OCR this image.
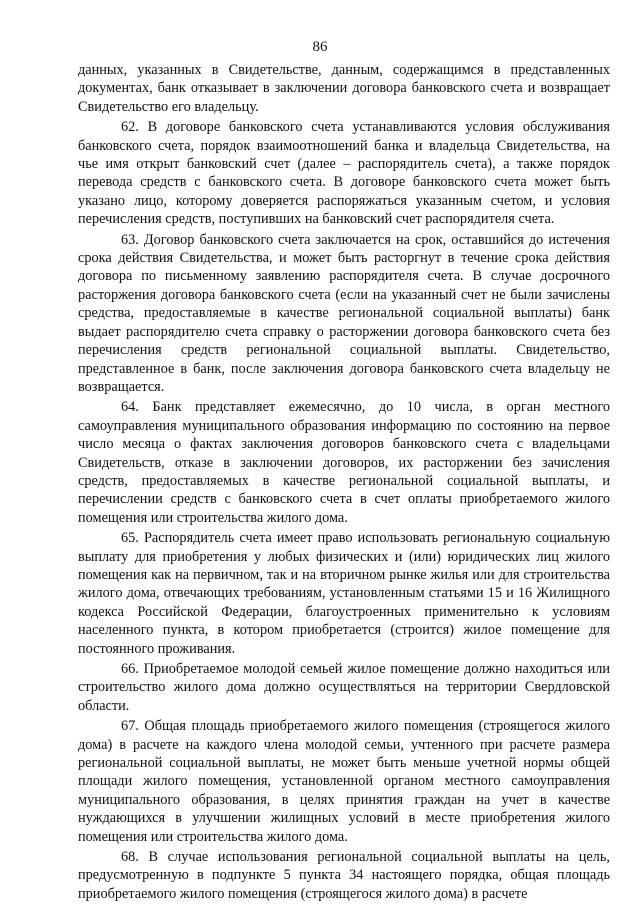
86

данных, указанных в Свидетельстве, данным, содержащимся в представленных документах, банк отказывает в заключении договора банковского счета и возвращает Свидетельство его владельцу.

62. В договоре банковского счета устанавливаются условия обслуживания банковского счета, порядок взаимоотношений банка и владельца Свидетельства, на чье имя открыт банковский счет (далее – распорядитель счета), а также порядок перевода средств с банковского счета. В договоре банковского счета может быть указано лицо, которому доверяется распоряжаться указанным счетом, и условия перечисления средств, поступивших на банковский счет распорядителя счета.

63. Договор банковского счета заключается на срок, оставшийся до истечения срока действия Свидетельства, и может быть расторгнут в течение срока действия договора по письменному заявлению распорядителя счета. В случае досрочного расторжения договора банковского счета (если на указанный счет не были зачислены средства, предоставляемые в качестве региональной социальной выплаты) банк выдает распорядителю счета справку о расторжении договора банковского счета без перечисления средств региональной социальной выплаты. Свидетельство, представленное в банк, после заключения договора банковского счета владельцу не возвращается.

64. Банк представляет ежемесячно, до 10 числа, в орган местного самоуправления муниципального образования информацию по состоянию на первое число месяца о фактах заключения договоров банковского счета с владельцами Свидетельств, отказе в заключении договоров, их расторжении без зачисления средств, предоставляемых в качестве региональной социальной выплаты, и перечислении средств с банковского счета в счет оплаты приобретаемого жилого помещения или строительства жилого дома.

65. Распорядитель счета имеет право использовать региональную социальную выплату для приобретения у любых физических и (или) юридических лиц жилого помещения как на первичном, так и на вторичном рынке жилья или для строительства жилого дома, отвечающих требованиям, установленным статьями 15 и 16 Жилищного кодекса Российской Федерации, благоустроенных применительно к условиям населенного пункта, в котором приобретается (строится) жилое помещение для постоянного проживания.

66. Приобретаемое молодой семьей жилое помещение должно находиться или строительство жилого дома должно осуществляться на территории Свердловской области.

67. Общая площадь приобретаемого жилого помещения (строящегося жилого дома) в расчете на каждого члена молодой семьи, учтенного при расчете размера региональной социальной выплаты, не может быть меньше учетной нормы общей площади жилого помещения, установленной органом местного самоуправления муниципального образования, в целях принятия граждан на учет в качестве нуждающихся в улучшении жилищных условий в месте приобретения жилого помещения или строительства жилого дома.

68. В случае использования региональной социальной выплаты на цель, предусмотренную в подпункте 5 пункта 34 настоящего порядка, общая площадь приобретаемого жилого помещения (строящегося жилого дома) в расчете
